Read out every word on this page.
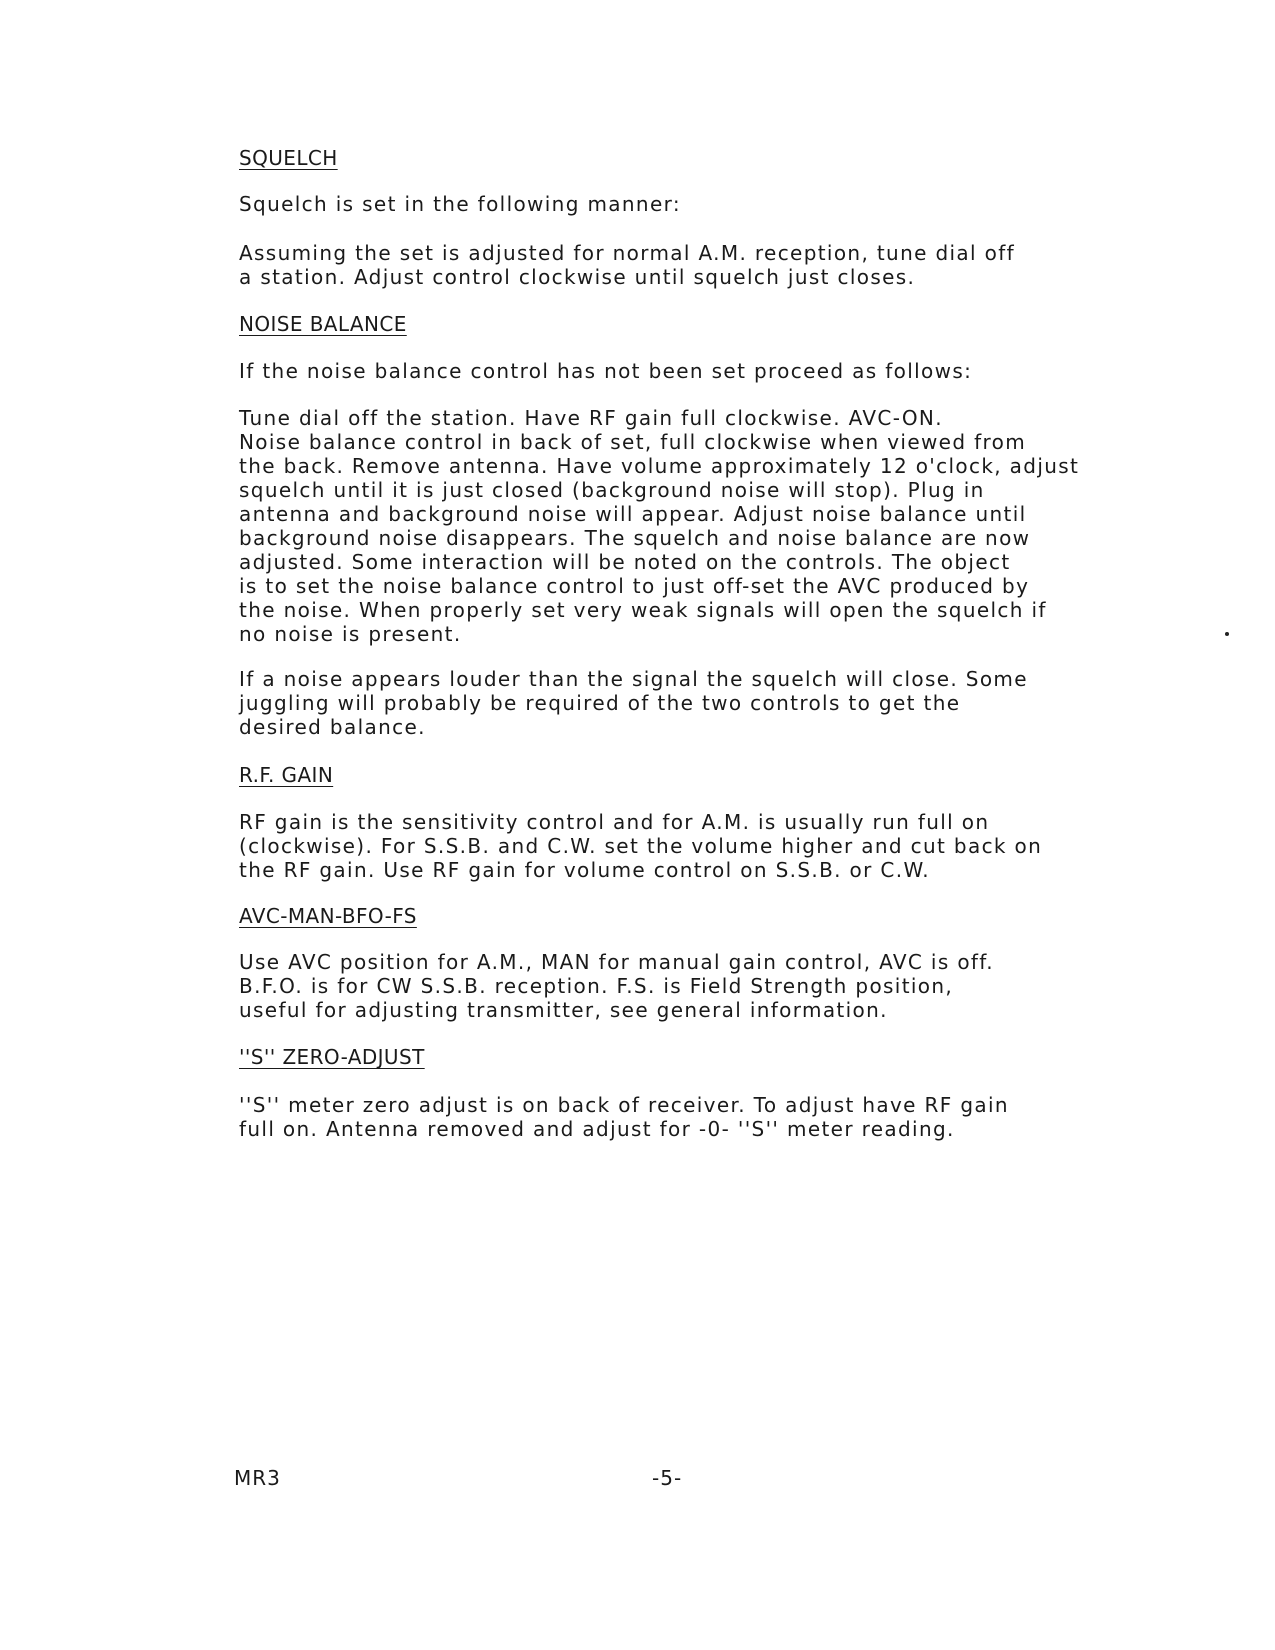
SQUELCH
Squelch is set in the following manner:
Assuming the set is adjusted for normal A.M. reception, tune dial off
a station. Adjust control clockwise until squelch just closes.
NOISE BALANCE
If the noise balance control has not been set proceed as follows:
Tune dial off the station. Have RF gain full clockwise. AVC-ON.
Noise balance control in back of set, full clockwise when viewed from
the back. Remove antenna. Have volume approximately 12 o'clock, adjust
squelch until it is just closed (background noise will stop). Plug in
antenna and background noise will appear. Adjust noise balance until
background noise disappears. The squelch and noise balance are now
adjusted. Some interaction will be noted on the controls. The object
is to set the noise balance control to just off-set the AVC produced by
the noise. When properly set very weak signals will open the squelch if
no noise is present.
If a noise appears louder than the signal the squelch will close. Some
juggling will probably be required of the two controls to get the
desired balance.
R.F. GAIN
RF gain is the sensitivity control and for A.M. is usually run full on
(clockwise). For S.S.B. and C.W. set the volume higher and cut back on
the RF gain. Use RF gain for volume control on S.S.B. or C.W.
AVC-MAN-BFO-FS
Use AVC position for A.M., MAN for manual gain control, AVC is off.
B.F.O. is for CW S.S.B. reception. F.S. is Field Strength position,
useful for adjusting transmitter, see general information.
''S'' ZERO-ADJUST
''S'' meter zero adjust is on back of receiver. To adjust have RF gain
full on. Antenna removed and adjust for -0- ''S'' meter reading.
MR3	-5-
